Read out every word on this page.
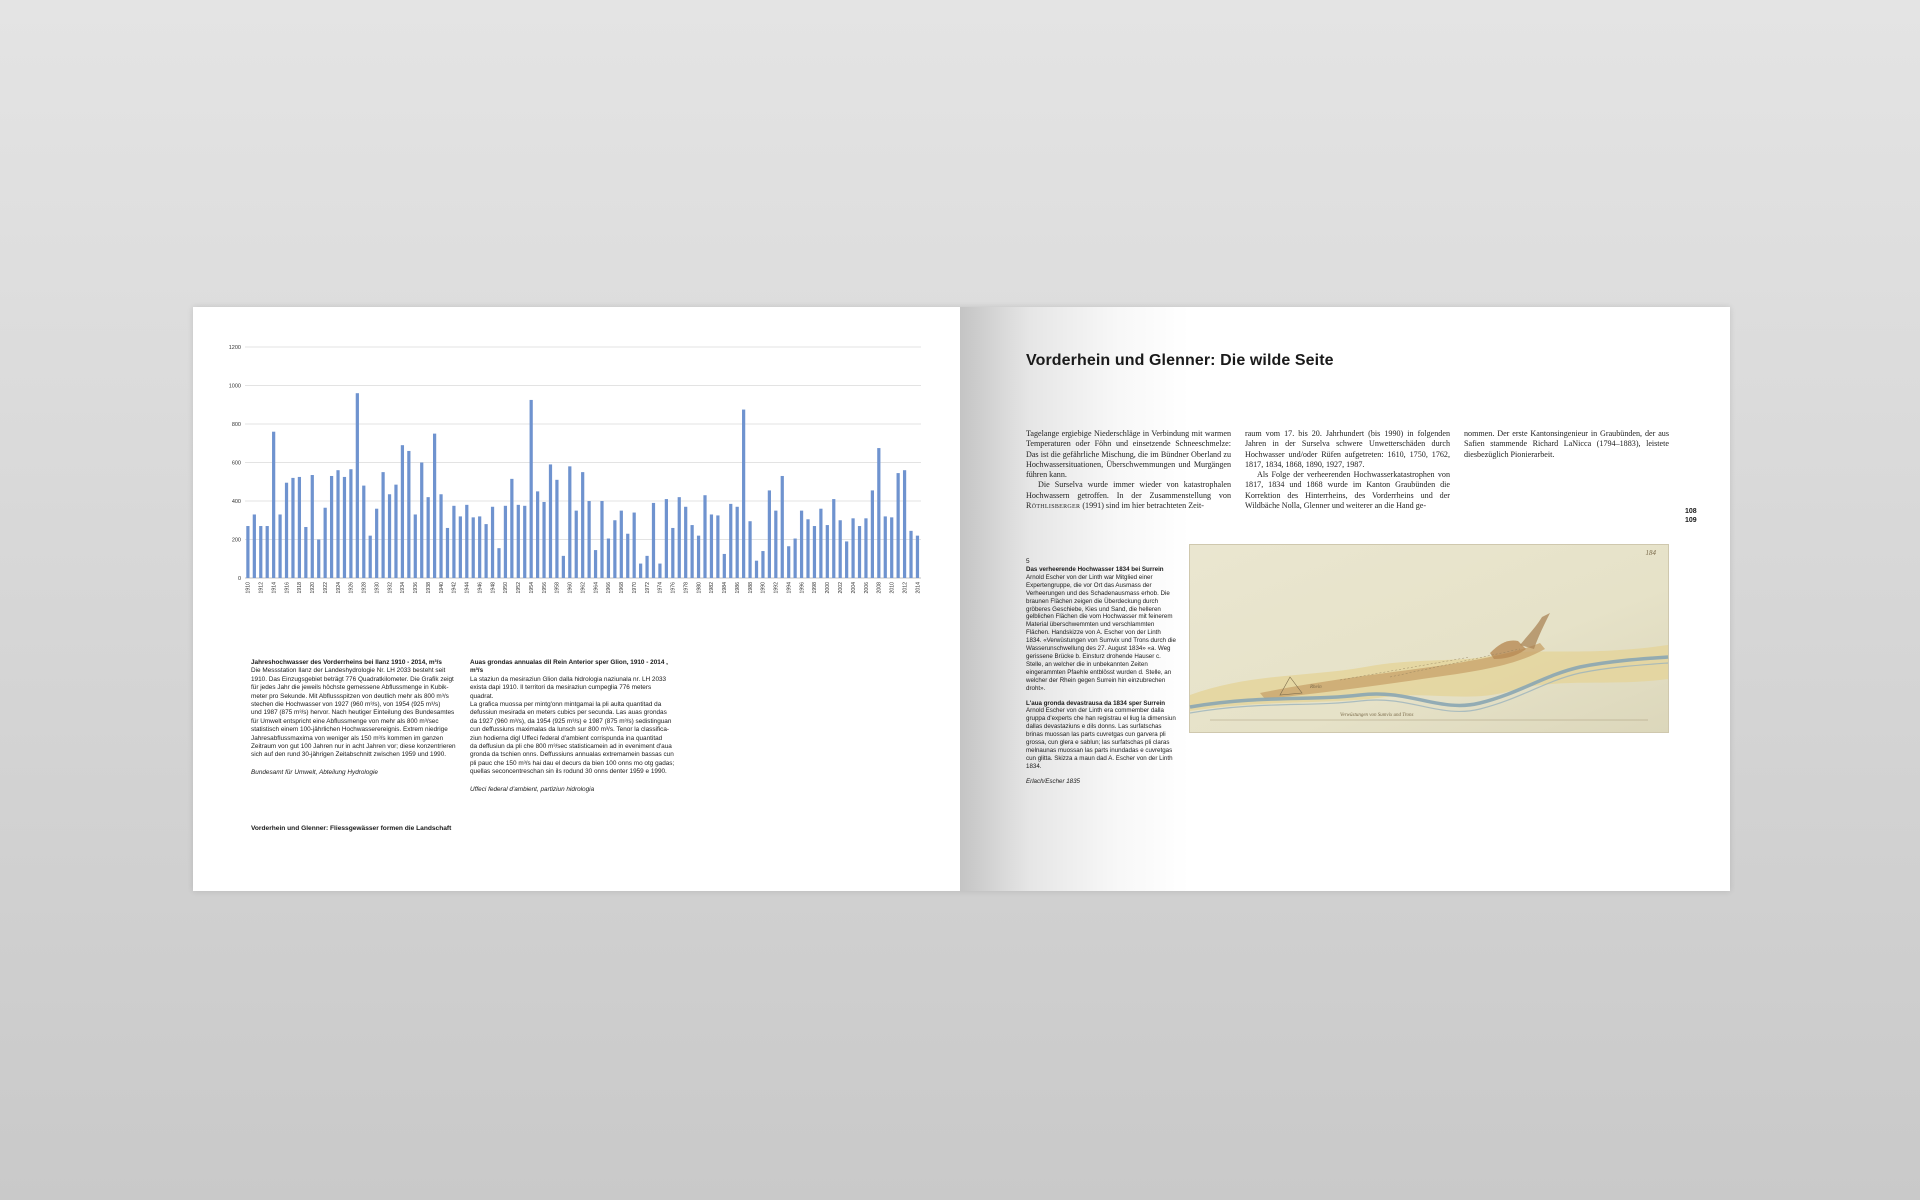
0
200
400
600
800
1000
1200
1910 1912 1914 1916 1918 1920 1922 1924 1926 1928 1930 1932 1934 1936 1938 1940 1942 1944 1946 1948 1950 1952 1954 1956 1958 1960 1962 1964 1966 1968 1970 1972 1974 1976 1978 1980 1982 1984 1986 1988 1990 1992 1994 1996 1998 2000 2002 2004 2006 2008 2010 2012 2014
Jahreshochwasser des Vorderrheins bei Ilanz 1910 - 2014, m³/s
Die Messstation Ilanz der Landeshydrologie Nr. LH 2033 besteht seit
1910. Das Einzugsgebiet beträgt 776 Quadratkilometer. Die Grafik zeigt
für jedes Jahr die jeweils höchste gemessene Abflussmenge in Kubik-
meter pro Sekunde. Mit Abflussspitzen von deutlich mehr als 800 m³/s
stechen die Hochwasser von 1927 (960 m³/s), von 1954 (925 m³/s)
und 1987 (875 m³/s) hervor. Nach heutiger Einteilung des Bundesamtes
für Umwelt entspricht eine Abflussmenge von mehr als 800 m³/sec
statistisch einem 100-jährlichen Hochwasserereignis. Extrem niedrige
Jahresabflussmaxima von weniger als 150 m³/s kommen im ganzen
Zeitraum von gut 100 Jahren nur in acht Jahren vor; diese konzentrieren
sich auf den rund 30-jährigen Zeitabschnitt zwischen 1959 und 1990.
Bundesamt für Umwelt, Abteilung Hydrologie
Auas grondas annualas dil Rein Anterior sper Glion, 1910 - 2014 , m³/s
La staziun da mesiraziun Glion dalla hidrologia naziunala nr. LH 2033
exista dapi 1910. Il territori da mesiraziun cumpeglia 776 meters quadrat.
La grafica muossa per mintg'onn mintgamai la pli aulta quantitad da
defussiun mesirada en meters cubics per secunda. Las auas grondas
da 1927 (960 m³/s), da 1954 (925 m³/s) e 1987 (875 m³/s) sedistinguan
cun deffussiuns maximalas da lunsch sur 800 m³/s. Tenor la classifica-
ziun hodierna digl Uffeci federal d'ambient corrispunda ina quantitad
da deffusiun da pli che 800 m³/sec statisticamein ad in eveniment d'aua
gronda da tschien onns. Deffussiuns annualas extremamein bassas cun
pli pauc che 150 m³/s hai dau el decurs da bien 100 onns mo otg gadas;
quellas seconcentreschan sin ils rodund 30 onns denter 1959 e 1990.
Uffeci federal d'ambient, partiziun hidrologia
Vorderhein und Glenner: Fliessgewässer formen die Landschaft
Vorderhein und Glenner: Die wilde Seite

Tagelange ergiebige Niederschläge in Verbindung mit warmen Temperaturen oder Föhn und einsetzende Schneeschmelze: Das ist die gefährliche Mischung, die im Bündner Oberland zu Hochwassersituationen, Überschwemmungen und Murgängen führen kann.

Die Surselva wurde immer wieder von katastrophalen Hochwassern getroffen. In der Zusammenstellung von Röthlisberger (1991) sind im hier betrachteten Zeit-

raum vom 17. bis 20. Jahrhundert (bis 1990) in folgenden Jahren in der Surselva schwere Unwetterschäden durch Hochwasser und/oder Rüfen aufgetreten: 1610, 1750, 1762, 1817, 1834, 1868, 1890, 1927, 1987.

Als Folge der verheerenden Hochwasserkatastrophen von 1817, 1834 und 1868 wurde im Kanton Graubünden die Korrektion des Hinterrheins, des Vorderrheins und der Wildbäche Nolla, Glenner und weiterer an die Hand ge-

nommen. Der erste Kantonsingenieur in Graubünden, der aus Safien stammende Richard LaNicca (1794–1883), leistete diesbezüglich Pionierarbeit.

108
109
5
Das verheerende Hochwasser 1834 bei Surrein
Arnold Escher von der Linth war Mitglied einer Expertengruppe, die vor Ort das Ausmass der Verheerungen und des Schadenausmass erhob. Die braunen Flächen zeigen die Überdeckung durch gröberes Geschiebe, Kies und Sand, die helleren gelblichen Flächen die vom Hochwasser mit feinerem Material überschwemmten und verschlammten Flächen. Handskizze von A. Escher von der Linth 1834. «Verwüstungen von Sumvix und Trons durch die Wasserunschwellung des 27. August 1834» «a. Weg gerissene Brücke b. Einsturz drohende Hauser c. Stelle, an welcher die in unbekannten Zeiten eingerammten Pfaehle entblösst wurden d. Stelle, an welcher der Rhein gegen Surrein hin einzubrechen droht».
L'aua gronda devastrausa da 1834 sper Surrein
Arnold Escher von der Linth era commember dalla gruppa d'experts che han registrau el liug la dimensiun dallas devastaziuns e dils donns. Las surfatschas brinas muossan las parts cuvretgas cun garvera pli grossa, cun glera e sablun; las surfatschas pli claras melnaunas muossan las parts inundadas e cuvretgas cun glitta. Skizza a maun dad A. Escher von der Linth 1834.
Erlach/Escher 1835
184
Verwüstungen von Sumvix und Trons
Rhein
